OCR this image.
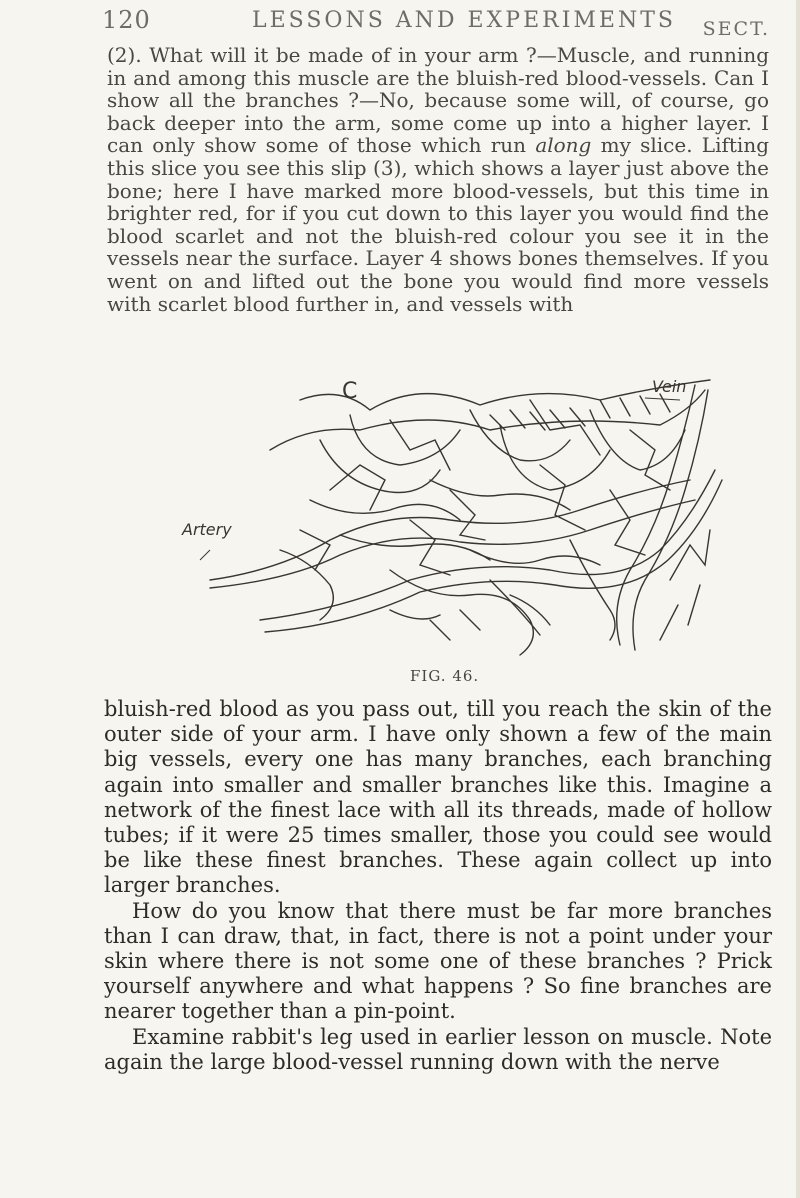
120	LESSONS AND EXPERIMENTS SECT.

(2). What will it be made of in your arm ?—Muscle, and running in and among this muscle are the bluish-red blood-vessels. Can I show all the branches ?—No, because some will, of course, go back deeper into the arm, some come up into a higher layer. I can only show some of those which run along my slice. Lifting this slice you see this slip (3), which shows a layer just above the bone; here I have marked more blood-vessels, but this time in brighter red, for if you cut down to this layer you would find the blood scarlet and not the bluish-red colour you see it in the vessels near the surface. Layer 4 shows bones themselves. If you went on and lifted out the bone you would find more vessels with scarlet blood further in, and vessels with

C	Vein
Artery
FIG. 46.

bluish-red blood as you pass out, till you reach the skin of the outer side of your arm. I have only shown a few of the main big vessels, every one has many branches, each branching again into smaller and smaller branches like this. Imagine a network of the finest lace with all its threads, made of hollow tubes; if it were 25 times smaller, those you could see would be like these finest branches. These again collect up into larger branches.

How do you know that there must be far more branches than I can draw, that, in fact, there is not a point under your skin where there is not some one of these branches ? Prick yourself anywhere and what happens ? So fine branches are nearer together than a pin-point.

Examine rabbit's leg used in earlier lesson on muscle. Note again the large blood-vessel running down with the nerve
